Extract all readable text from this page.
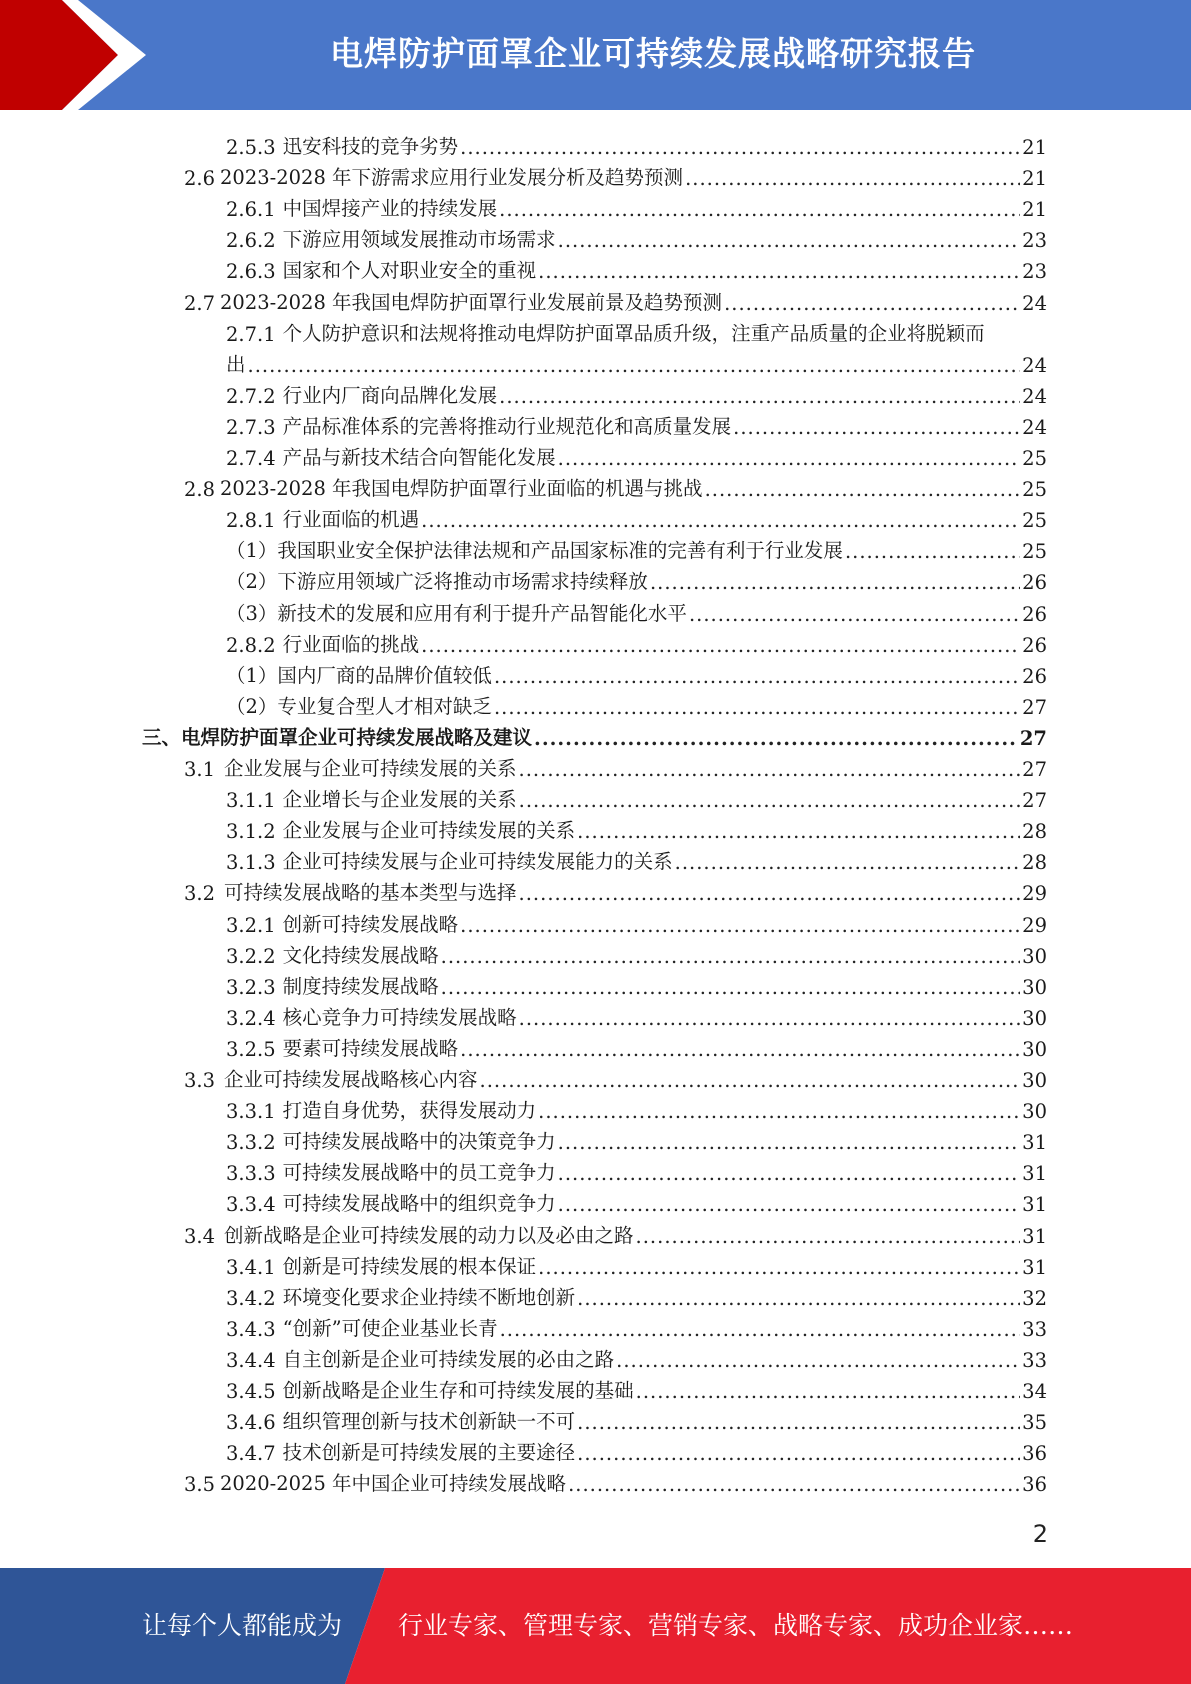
电焊防护面罩企业可持续发展战略研究报告
2.5.3 迅安科技的竞争劣势 .....	21
2.6 2023-2028 年下游需求应用行业发展分析及趋势预测 .....	21
2.6.1 中国焊接产业的持续发展 .....	21
2.6.2 下游应用领域发展推动市场需求 .....	23
2.6.3 国家和个人对职业安全的重视 .....	23
2.7 2023-2028 年我国电焊防护面罩行业发展前景及趋势预测 .....	24
2.7.1 个人防护意识和法规将推动电焊防护面罩品质升级，注重产品质量的企业将脱颖而
出 .....	24
2.7.2 行业内厂商向品牌化发展 .....	24
2.7.3 产品标准体系的完善将推动行业规范化和高质量发展 .....	24
2.7.4 产品与新技术结合向智能化发展 .....	25
2.8 2023-2028 年我国电焊防护面罩行业面临的机遇与挑战 .....	25
2.8.1 行业面临的机遇 .....	25
（1） 我国职业安全保护法律法规和产品国家标准的完善有利于行业发展 .....	25
（2） 下游应用领域广泛将推动市场需求持续释放 .....	26
（3） 新技术的发展和应用有利于提升产品智能化水平 .....	26
2.8.2 行业面临的挑战 .....	26
（1） 国内厂商的品牌价值较低 .....	26
（2） 专业复合型人才相对缺乏 .....	27
三、 电焊防护面罩企业可持续发展战略及建议 .....	27
3.1 企业发展与企业可持续发展的关系 .....	27
3.1.1 企业增长与企业发展的关系 .....	27
3.1.2 企业发展与企业可持续发展的关系 .....	28
3.1.3 企业可持续发展与企业可持续发展能力的关系 .....	28
3.2 可持续发展战略的基本类型与选择 .....	29
3.2.1 创新可持续发展战略 .....	29
3.2.2 文化持续发展战略 .....	30
3.2.3 制度持续发展战略 .....	30
3.2.4 核心竞争力可持续发展战略 .....	30
3.2.5 要素可持续发展战略 .....	30
3.3 企业可持续发展战略核心内容 .....	30
3.3.1 打造自身优势，获得发展动力 .....	30
3.3.2 可持续发展战略中的决策竞争力 .....	31
3.3.3 可持续发展战略中的员工竞争力 .....	31
3.3.4 可持续发展战略中的组织竞争力 .....	31
3.4 创新战略是企业可持续发展的动力以及必由之路 .....	31
3.4.1 创新是可持续发展的根本保证 .....	31
3.4.2 环境变化要求企业持续不断地创新 .....	32
3.4.3 “创新”可使企业基业长青 .....	33
3.4.4 自主创新是企业可持续发展的必由之路 .....	33
3.4.5 创新战略是企业生存和可持续发展的基础 .....	34
3.4.6 组织管理创新与技术创新缺一不可 .....	35
3.4.7 技术创新是可持续发展的主要途径 .....	36
3.5 2020-2025 年中国企业可持续发展战略 .....	36
2
让每个人都能成为 行业专家、管理专家、营销专家、战略专家、成功企业家……
